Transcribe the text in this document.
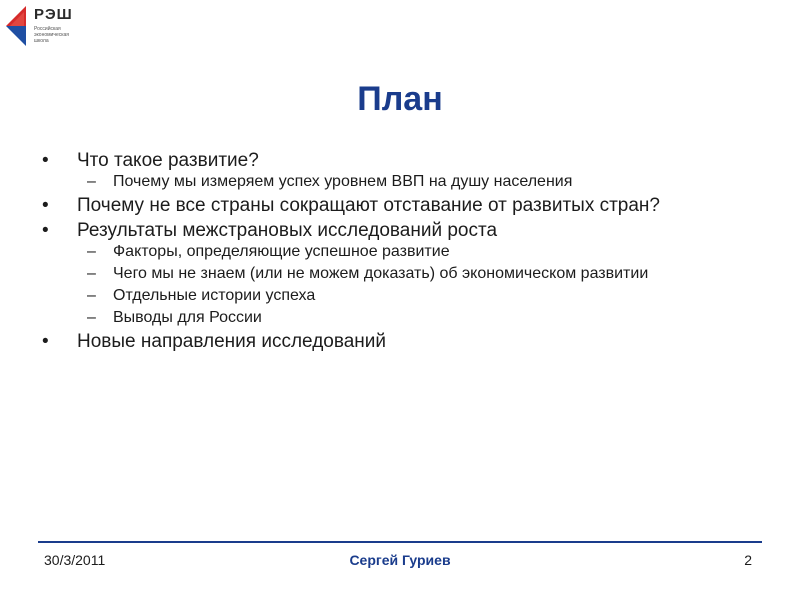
РЭШ
Российская
экономическая
школа
План
• Что такое развитие?
– Почему мы измеряем успех уровнем ВВП на душу населения
• Почему не все страны сокращают отставание от развитых стран?
• Результаты межстрановых исследований роста
– Факторы, определяющие успешное развитие
– Чего мы не знаем (или не можем доказать) об экономическом развитии
– Отдельные истории успеха
– Выводы для России
• Новые направления исследований
30/3/2011	Сергей Гуриев	2
